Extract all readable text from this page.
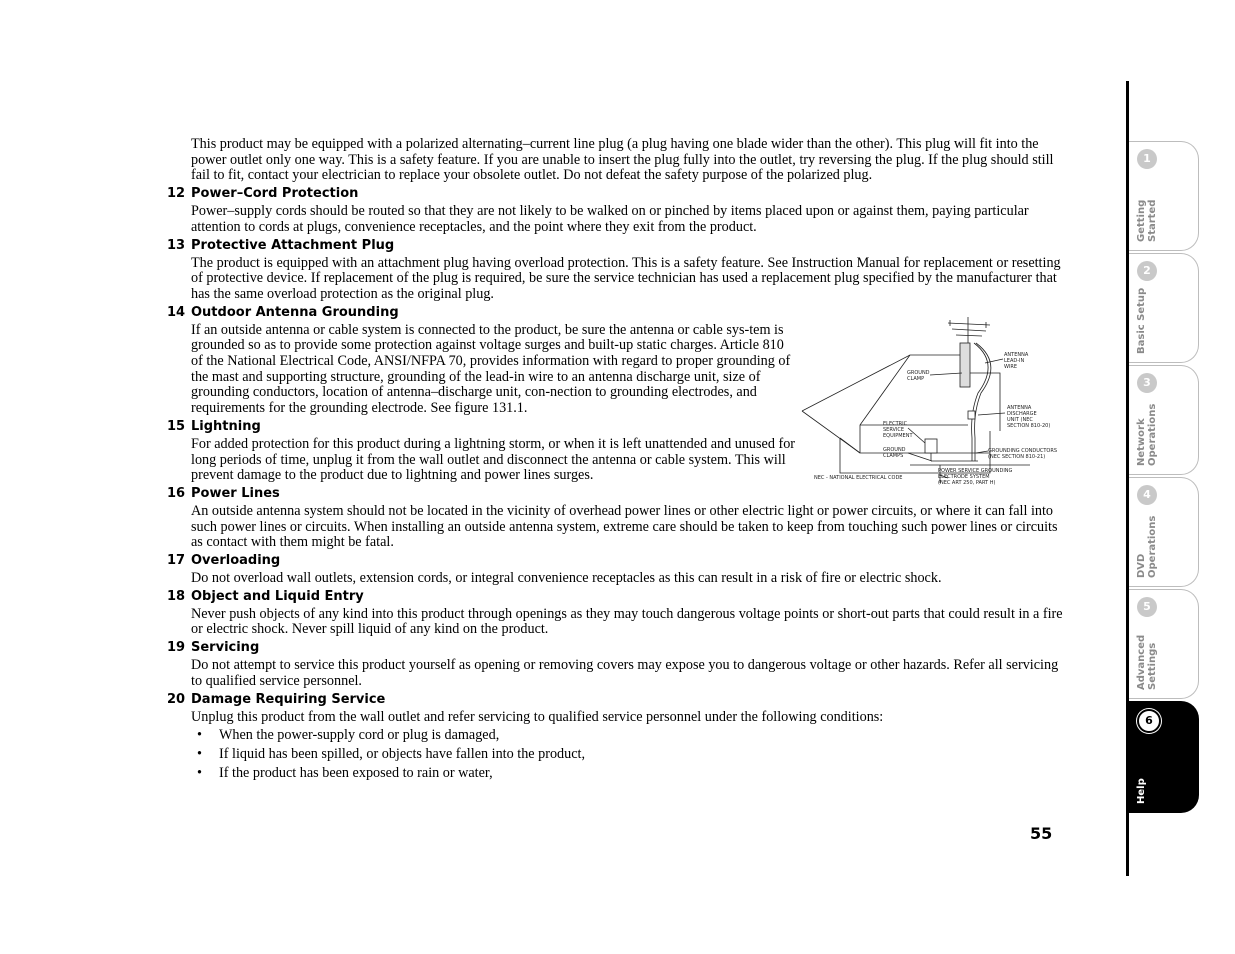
This product may be equipped with a polarized alternating–current line plug (a plug having one blade wider than the other). This plug will fit into the power outlet only one way. This is a safety feature. If you are unable to insert the plug fully into the outlet, try reversing the plug. If the plug should still fail to fit, contact your electrician to replace your obsolete outlet. Do not defeat the safety purpose of the polarized plug.

12 Power–Cord Protection

Power–supply cords should be routed so that they are not likely to be walked on or pinched by items placed upon or against them, paying particular attention to cords at plugs, convenience receptacles, and the point where they exit from the product.

13 Protective Attachment Plug

The product is equipped with an attachment plug having overload protection. This is a safety feature. See Instruction Manual for replacement or resetting of protective device. If replacement of the plug is required, be sure the service technician has used a replacement plug specified by the manufacturer that has the same overload protection as the original plug.

14 Outdoor Antenna Grounding

If an outside antenna or cable system is connected to the product, be sure the antenna or cable sys-tem is grounded so as to provide some protection against voltage surges and built-up static charges. Article 810 of the National Electrical Code, ANSI/NFPA 70, provides information with regard to proper grounding of the mast and supporting structure, grounding of the lead-in wire to an antenna discharge unit, size of grounding conductors, location of antenna–discharge unit, con-nection to grounding electrodes, and requirements for the grounding electrode. See figure 131.1.

15 Lightning

For added protection for this product during a lightning storm, or when it is left unattended and unused for long periods of time, unplug it from the wall outlet and disconnect the antenna or cable system. This will prevent damage to the product due to lightning and power lines surges.

16 Power Lines

An outside antenna system should not be located in the vicinity of overhead power lines or other electric light or power circuits, or where it can fall into such power lines or circuits. When installing an outside antenna system, extreme care should be taken to keep from touching such power lines or circuits as contact with them might be fatal.

17 Overloading

Do not overload wall outlets, extension cords, or integral convenience receptacles as this can result in a risk of fire or electric shock.

18 Object and Liquid Entry

Never push objects of any kind into this product through openings as they may touch dangerous voltage points or short-out parts that could result in a fire or electric shock. Never spill liquid of any kind on the product.

19 Servicing

Do not attempt to service this product yourself as opening or removing covers may expose you to dangerous voltage or other hazards. Refer all servicing to qualified service personnel.

20 Damage Requiring Service

Unplug this product from the wall outlet and refer servicing to qualified service personnel under the following conditions:

• When the power-supply cord or plug is damaged,
• If liquid has been spilled, or objects have fallen into the product,
• If the product has been exposed to rain or water,
ANTENNA LEAD-IN WIRE
GROUND CLAMP
ANTENNA DISCHARGE UNIT (NEC SECTION 810-20)
ELECTRIC SERVICE EQUIPMENT
GROUND CLAMPS
GROUNDING CONDUCTORS (NEC SECTION 810-21)
POWER SERVICE GROUNDING ELECTRODE SYSTEM (NEC ART 250, PART H)
NEC - NATIONAL ELECTRICAL CODE
55
1
Getting
Started
2
Basic Setup
3
Network
Operations
4
DVD
Operations
5
Advanced
Settings
6
Help
